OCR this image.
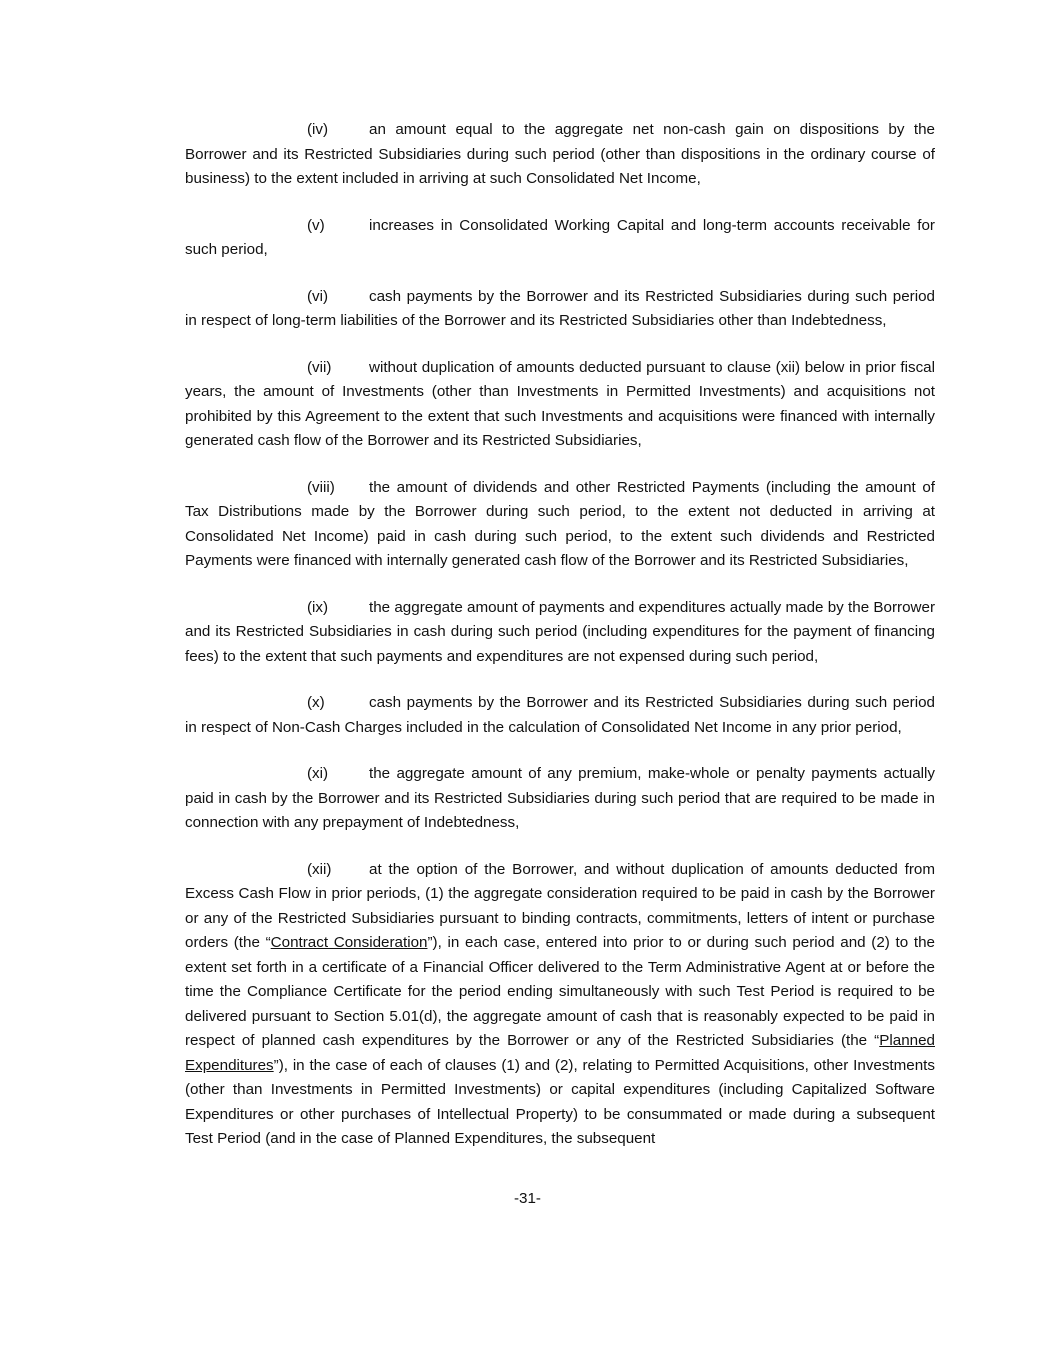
(iv)	an amount equal to the aggregate net non-cash gain on dispositions by the Borrower and its Restricted Subsidiaries during such period (other than dispositions in the ordinary course of business) to the extent included in arriving at such Consolidated Net Income,

(v)	increases in Consolidated Working Capital and long-term accounts receivable for such period,

(vi)	cash payments by the Borrower and its Restricted Subsidiaries during such period in respect of long-term liabilities of the Borrower and its Restricted Subsidiaries other than Indebtedness,

(vii) without duplication of amounts deducted pursuant to clause (xii) below in prior fiscal years, the amount of Investments (other than Investments in Permitted Investments) and acquisitions not prohibited by this Agreement to the extent that such Investments and acquisitions were financed with internally generated cash flow of the Borrower and its Restricted Subsidiaries,

(viii) the amount of dividends and other Restricted Payments (including the amount of Tax Distributions made by the Borrower during such period, to the extent not deducted in arriving at Consolidated Net Income) paid in cash during such period, to the extent such dividends and Restricted Payments were financed with internally generated cash flow of the Borrower and its Restricted Subsidiaries,

(ix)	the aggregate amount of payments and expenditures actually made by the Borrower and its Restricted Subsidiaries in cash during such period (including expenditures for the payment of financing fees) to the extent that such payments and expenditures are not expensed during such period,

(x)	cash payments by the Borrower and its Restricted Subsidiaries during such period in respect of Non-Cash Charges included in the calculation of Consolidated Net Income in any prior period,

(xi)	the aggregate amount of any premium, make-whole or penalty payments actually paid in cash by the Borrower and its Restricted Subsidiaries during such period that are required to be made in connection with any prepayment of Indebtedness,

(xii) at the option of the Borrower, and without duplication of amounts deducted from Excess Cash Flow in prior periods, (1) the aggregate consideration required to be paid in cash by the Borrower or any of the Restricted Subsidiaries pursuant to binding contracts, commitments, letters of intent or purchase orders (the “Contract Consideration”), in each case, entered into prior to or during such period and (2) to the extent set forth in a certificate of a Financial Officer delivered to the Term Administrative Agent at or before the time the Compliance Certificate for the period ending simultaneously with such Test Period is required to be delivered pursuant to Section 5.01(d), the aggregate amount of cash that is reasonably expected to be paid in respect of planned cash expenditures by the Borrower or any of the Restricted Subsidiaries (the “Planned Expenditures”), in the case of each of clauses (1) and (2), relating to Permitted Acquisitions, other Investments (other than Investments in Permitted Investments) or capital expenditures (including Capitalized Software Expenditures or other purchases of Intellectual Property) to be consummated or made during a subsequent Test Period (and in the case of Planned Expenditures, the subsequent

-31-
